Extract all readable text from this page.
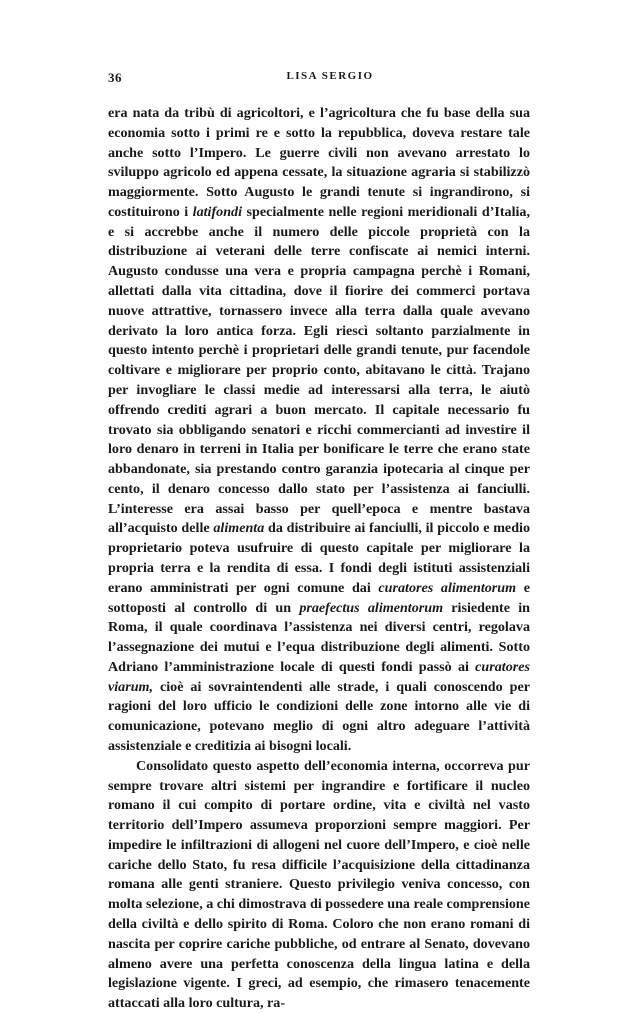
36	LISA SERGIO

era nata da tribù di agricoltori, e l’agricoltura che fu base della sua economia sotto i primi re e sotto la repubblica, doveva restare tale anche sotto l’Impero. Le guerre civili non avevano arrestato lo sviluppo agricolo ed appena cessate, la situazione agraria si stabilizzò maggiormente. Sotto Augusto le grandi tenute si ingrandirono, si costituirono i latifondi specialmente nelle regioni meridionali d’Italia, e si accrebbe anche il numero delle piccole proprietà con la distribuzione ai veterani delle terre confiscate ai nemici interni. Augusto condusse una vera e propria campagna perchè i Romani, allettati dalla vita cittadina, dove il fiorire dei commerci portava nuove attrattive, tornassero invece alla terra dalla quale avevano derivato la loro antica forza. Egli riescì soltanto parzialmente in questo intento perchè i proprietari delle grandi tenute, pur facendole coltivare e migliorare per proprio conto, abitavano le città. Trajano per invogliare le classi medie ad interessarsi alla terra, le aiutò offrendo crediti agrari a buon mercato. Il capitale necessario fu trovato sia obbligando senatori e ricchi commercianti ad investire il loro denaro in terreni in Italia per bonificare le terre che erano state abbandonate, sia prestando contro garanzia ipotecaria al cinque per cento, il denaro concesso dallo stato per l’assistenza ai fanciulli. L’interesse era assai basso per quell’epoca e mentre bastava all’acquisto delle alimenta da distribuire ai fanciulli, il piccolo e medio proprietario poteva usufruire di questo capitale per migliorare la propria terra e la rendita di essa. I fondi degli istituti assistenziali erano amministrati per ogni comune dai curatores alimentorum e sottoposti al controllo di un praefectus alimentorum risiedente in Roma, il quale coordinava l’assistenza nei diversi centri, regolava l’assegnazione dei mutui e l’equa distribuzione degli alimenti. Sotto Adriano l’amministrazione locale di questi fondi passò ai curatores viarum, cioè ai sovraintendenti alle strade, i quali conoscendo per ragioni del loro ufficio le condizioni delle zone intorno alle vie di comunicazione, potevano meglio di ogni altro adeguare l’attività assistenziale e creditizia ai bisogni locali.

Consolidato questo aspetto dell’economia interna, occorreva pur sempre trovare altri sistemi per ingrandire e fortificare il nucleo romano il cui compito di portare ordine, vita e civiltà nel vasto territorio dell’Impero assumeva proporzioni sempre maggiori. Per impedire le infiltrazioni di allogeni nel cuore dell’Impero, e cioè nelle cariche dello Stato, fu resa difficile l’acquisizione della cittadinanza romana alle genti straniere. Questo privilegio veniva concesso, con molta selezione, a chi dimostrava di possedere una reale comprensione della civiltà e dello spirito di Roma. Coloro che non erano romani di nascita per coprire cariche pubbliche, od entrare al Senato, dovevano almeno avere una perfetta conoscenza della lingua latina e della legislazione vigente. I greci, ad esempio, che rimasero tenacemente attaccati alla loro cultura, ra-
